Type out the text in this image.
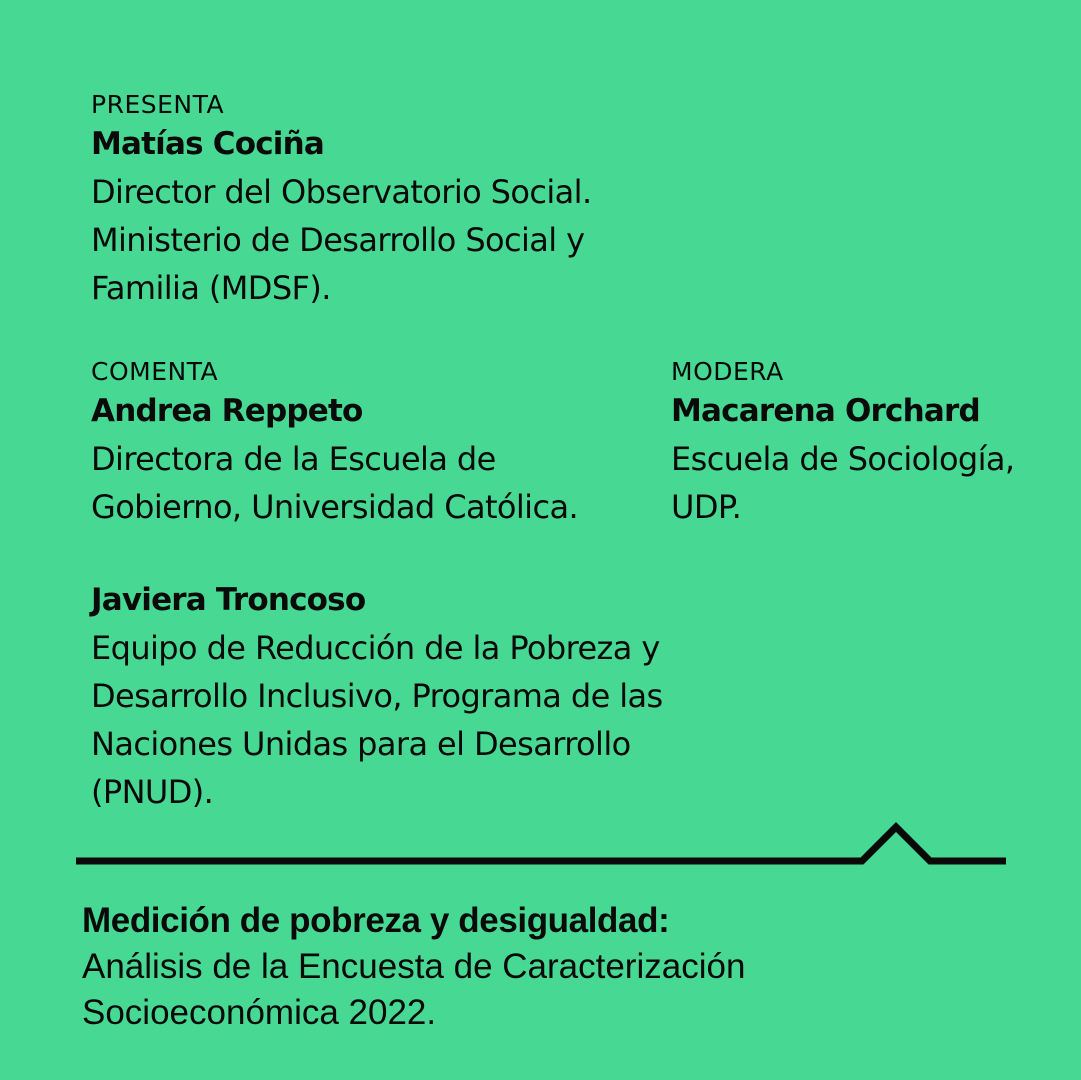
PRESENTA
Matías Cociña
Director del Observatorio Social.
Ministerio de Desarrollo Social y
Familia (MDSF).
COMENTA
Andrea Reppeto
Directora de la Escuela de
Gobierno, Universidad Católica.
MODERA
Macarena Orchard
Escuela de Sociología,
UDP.
Javiera Troncoso
Equipo de Reducción de la Pobreza y
Desarrollo Inclusivo, Programa de las
Naciones Unidas para el Desarrollo
(PNUD).
Medición de pobreza y desigualdad:
Análisis de la Encuesta de Caracterización
Socioeconómica 2022.
